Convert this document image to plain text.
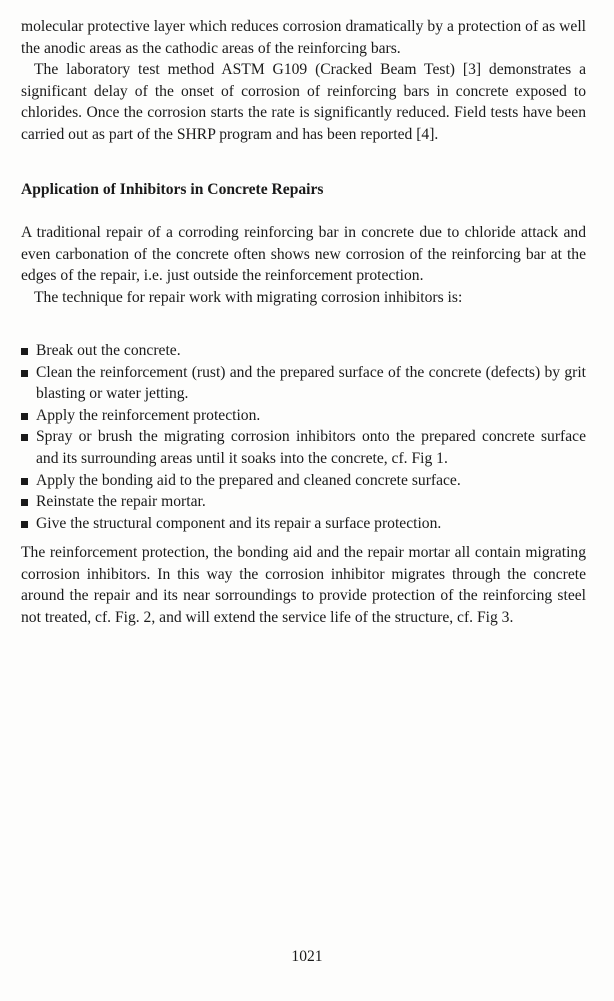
molecular protective layer which reduces corrosion dramatically by a protection of as well the anodic areas as the cathodic areas of the reinforcing bars.

The laboratory test method ASTM G109 (Cracked Beam Test) [3] demonstrates a significant delay of the onset of corrosion of reinforcing bars in concrete exposed to chlorides. Once the corrosion starts the rate is significantly reduced. Field tests have been carried out as part of the SHRP program and has been reported [4].

Application of Inhibitors in Concrete Repairs

A traditional repair of a corroding reinforcing bar in concrete due to chloride attack and even carbonation of the concrete often shows new corrosion of the reinforcing bar at the edges of the repair, i.e. just outside the reinforcement protection.

The technique for repair work with migrating corrosion inhibitors is:

Break out the concrete.
Clean the reinforcement (rust) and the prepared surface of the concrete (defects) by grit blasting or water jetting.
Apply the reinforcement protection.
Spray or brush the migrating corrosion inhibitors onto the prepared concrete surface and its surrounding areas until it soaks into the concrete, cf. Fig 1.
Apply the bonding aid to the prepared and cleaned concrete surface.
Reinstate the repair mortar.
Give the structural component and its repair a surface protection.

The reinforcement protection, the bonding aid and the repair mortar all contain migrating corrosion inhibitors. In this way the corrosion inhibitor migrates through the concrete around the repair and its near sorroundings to provide protection of the reinforcing steel not treated, cf. Fig. 2, and will extend the service life of the structure, cf. Fig 3.

1021
